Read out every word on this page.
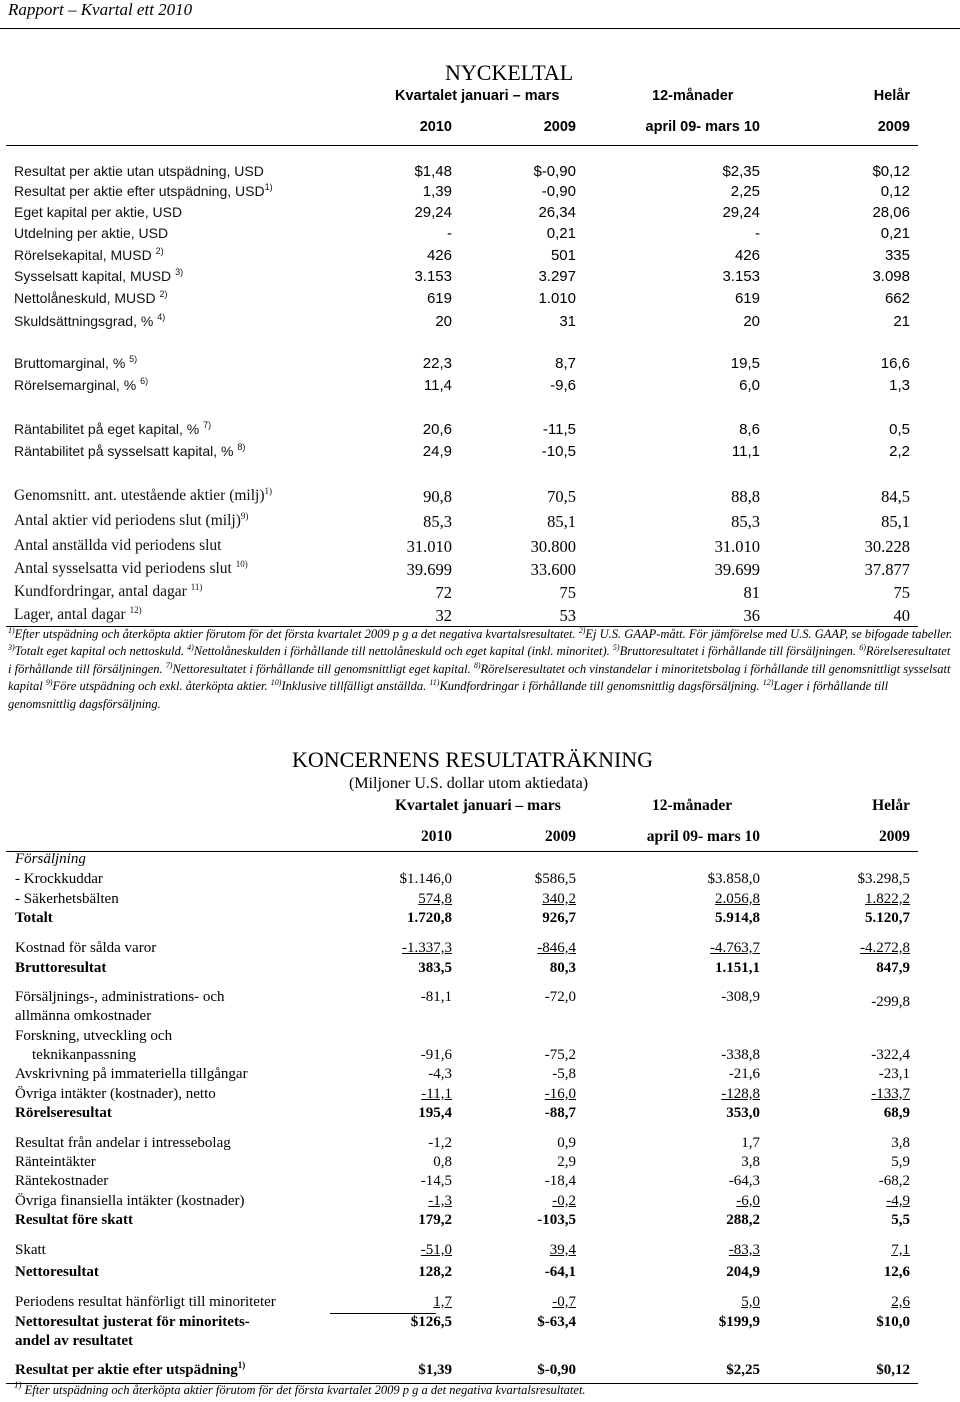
Rapport – Kvartal ett 2010
NYCKELTAL
Kvartalet januari – mars	12-månader	Helår
2010	2009	april 09- mars 10	2009
Resultat per aktie utan utspädning, USD	$1,48	$-0,90	$2,35	$0,12
Resultat per aktie efter utspädning, USD$^{1)}$	1,39	-0,90	2,25	0,12
Eget kapital per aktie, USD	29,24	26,34	29,24	28,06
Utdelning per aktie, USD	-	0,21	-	0,21
Rörelsekapital, MUSD $^{2)}$	426	501	426	335
Sysselsatt kapital, MUSD $^{3)}$	3.153	3.297	3.153	3.098
Nettolåneskuld, MUSD $^{2)}$	619	1.010	619	662
Skuldsättningsgrad, % $^{4)}$	20	31	20	21
Bruttomarginal, % $^{5)}$	22,3	8,7	19,5	16,6
Rörelsemarginal, % $^{6)}$	11,4	-9,6	6,0	1,3
Räntabilitet på eget kapital, % $^{7)}$	20,6	-11,5	8,6	0,5
Räntabilitet på sysselsatt kapital, % $^{8)}$	24,9	-10,5	11,1	2,2
Genomsnitt. ant. utestående aktier (milj)$^{1)}$	90,8	70,5	88,8	84,5
Antal aktier vid periodens slut (milj)$^{9)}$	85,3	85,1	85,3	85,1
Antal anställda vid periodens slut	31.010	30.800	31.010	30.228
Antal sysselsatta vid periodens slut $^{10)}$	39.699	33.600	39.699	37.877
Kundfordringar, antal dagar $^{11)}$	72	75	81	75
Lager, antal dagar $^{12)}$	32	53	36	40
$^{1)}$Efter utspädning och återköpta aktier förutom för det första kvartalet 2009 p g a det negativa kvartalsresultatet. $^{2)}$Ej U.S. GAAP-mått. För jämförelse med U.S. GAAP, se bifogade tabeller. $^{3)}$Totalt eget kapital och nettoskuld. $^{4)}$Nettolåneskulden i förhållande till nettolåneskuld och eget kapital (inkl. minoritet). $^{5)}$Bruttoresultatet i förhållande till försäljningen. $^{6)}$Rörelseresultatet i förhållande till försäljningen. $^{7)}$Nettoresultatet i förhållande till genomsnittligt eget kapital. $^{8)}$Rörelseresultatet och vinstandelar i minoritetsbolag i förhållande till genomsnittligt sysselsatt kapital $^{9)}$Före utspädning och exkl. återköpta aktier. $^{10)}$Inklusive tillfälligt anställda. $^{11)}$Kundfordringar i förhållande till genomsnittlig dagsförsäljning. $^{12)}$Lager i förhållande till genomsnittlig dagsförsäljning.
KONCERNENS RESULTATRÄKNING
(Miljoner U.S. dollar utom aktiedata)
Kvartalet januari – mars	12-månader	Helår
2010	2009	april 09- mars 10	2009
Försäljning
- Krockkuddar	$1.146,0	$586,5	$3.858,0	$3.298,5
- Säkerhetsbälten	574,8	340,2	2.056,8	1.822,2
Totalt	1.720,8	926,7	5.914,8	5.120,7
Kostnad för sålda varor	-1.337,3	-846,4	-4.763,7	-4.272,8
Bruttoresultat	383,5	80,3	1.151,1	847,9
Försäljnings-, administrations- och
allmänna omkostnader
-81,1	-72,0	-308,9	-299,8
Forskning, utveckling och
teknikanpassning	-91,6	-75,2	-338,8	-322,4
Avskrivning på immateriella tillgångar	-4,3	-5,8	-21,6	-23,1
Övriga intäkter (kostnader), netto	-11,1	-16,0	-128,8	-133,7
Rörelseresultat	195,4	-88,7	353,0	68,9
Resultat från andelar i intressebolag	-1,2	0,9	1,7	3,8
Ränteintäkter	0,8	2,9	3,8	5,9
Räntekostnader	-14,5	-18,4	-64,3	-68,2
Övriga finansiella intäkter (kostnader)	-1,3	-0,2	-6,0	-4,9
Resultat före skatt	179,2	-103,5	288,2	5,5
Skatt	-51,0	39,4	-83,3	7,1
Nettoresultat	128,2	-64,1	204,9	12,6
Periodens resultat hänförligt till minoriteter	1,7	-0,7	5,0	2,6
Nettoresultat justerat för minoritets-
andel av resultatet
$126,5	$-63,4	$199,9	$10,0
Resultat per aktie efter utspädning$^{1)}$	$1,39	$-0,90	$2,25	$0,12
$^{1)}$ Efter utspädning och återköpta aktier förutom för det första kvartalet 2009 p g a det negativa kvartalsresultatet.
